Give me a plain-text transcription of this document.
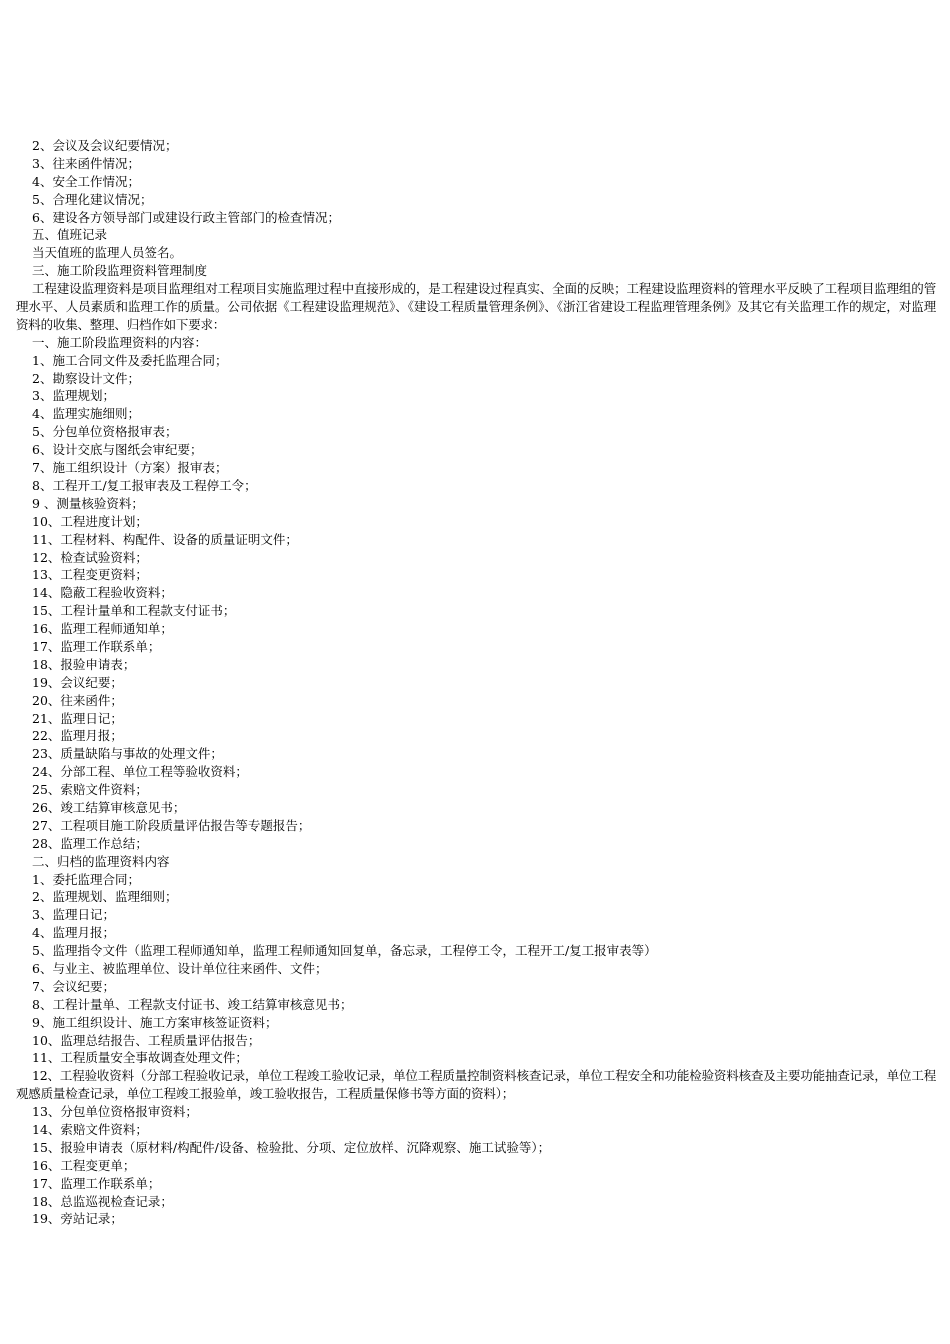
2、会议及会议纪要情况；

3、往来函件情况；

4、安全工作情况；

5、合理化建议情况；

6、建设各方领导部门或建设行政主管部门的检查情况；

五、值班记录

当天值班的监理人员签名。

三、施工阶段监理资料管理制度

工程建设监理资料是项目监理组对工程项目实施监理过程中直接形成的，是工程建设过程真实、全面的反映；工程建设监理资料的管理水平反映了工程项目监理组的管理水平、人员素质和监理工作的质量。公司依据《工程建设监理规范》、《建设工程质量管理条例》、《浙江省建设工程监理管理条例》及其它有关监理工作的规定，对监理资料的收集、整理、归档作如下要求：

一、施工阶段监理资料的内容：

1、施工合同文件及委托监理合同；

2、勘察设计文件；

3、监理规划；

4、监理实施细则；

5、分包单位资格报审表；

6、设计交底与图纸会审纪要；

7、施工组织设计（方案）报审表；

8、工程开工/复工报审表及工程停工令；

9 、测量核验资料；

10、工程进度计划；

11、工程材料、构配件、设备的质量证明文件；

12、检查试验资料；

13、工程变更资料；

14、隐蔽工程验收资料；

15、工程计量单和工程款支付证书；

16、监理工程师通知单；

17、监理工作联系单；

18、报验申请表；

19、会议纪要；

20、往来函件；

21、监理日记；

22、监理月报；

23、质量缺陷与事故的处理文件；

24、分部工程、单位工程等验收资料；

25、索赔文件资料；

26、竣工结算审核意见书；

27、工程项目施工阶段质量评估报告等专题报告；

28、监理工作总结；

二、归档的监理资料内容

1、委托监理合同；

2、监理规划、监理细则；

3、监理日记；

4、监理月报；

5、监理指令文件（监理工程师通知单，监理工程师通知回复单，备忘录，工程停工令，工程开工/复工报审表等）

6、与业主、被监理单位、设计单位往来函件、文件；

7、会议纪要；

8、工程计量单、工程款支付证书、竣工结算审核意见书；

9、施工组织设计、施工方案审核签证资料；

10、监理总结报告、工程质量评估报告；

11、工程质量安全事故调查处理文件；

12、工程验收资料（分部工程验收记录，单位工程竣工验收记录，单位工程质量控制资料核查记录，单位工程安全和功能检验资料核查及主要功能抽查记录，单位工程观感质量检查记录，单位工程竣工报验单，竣工验收报告，工程质量保修书等方面的资料）；

13、分包单位资格报审资料；

14、索赔文件资料；

15、报验申请表（原材料/构配件/设备、检验批、分项、定位放样、沉降观察、施工试验等）；

16、工程变更单；

17、监理工作联系单；

18、总监巡视检查记录；

19、旁站记录；
